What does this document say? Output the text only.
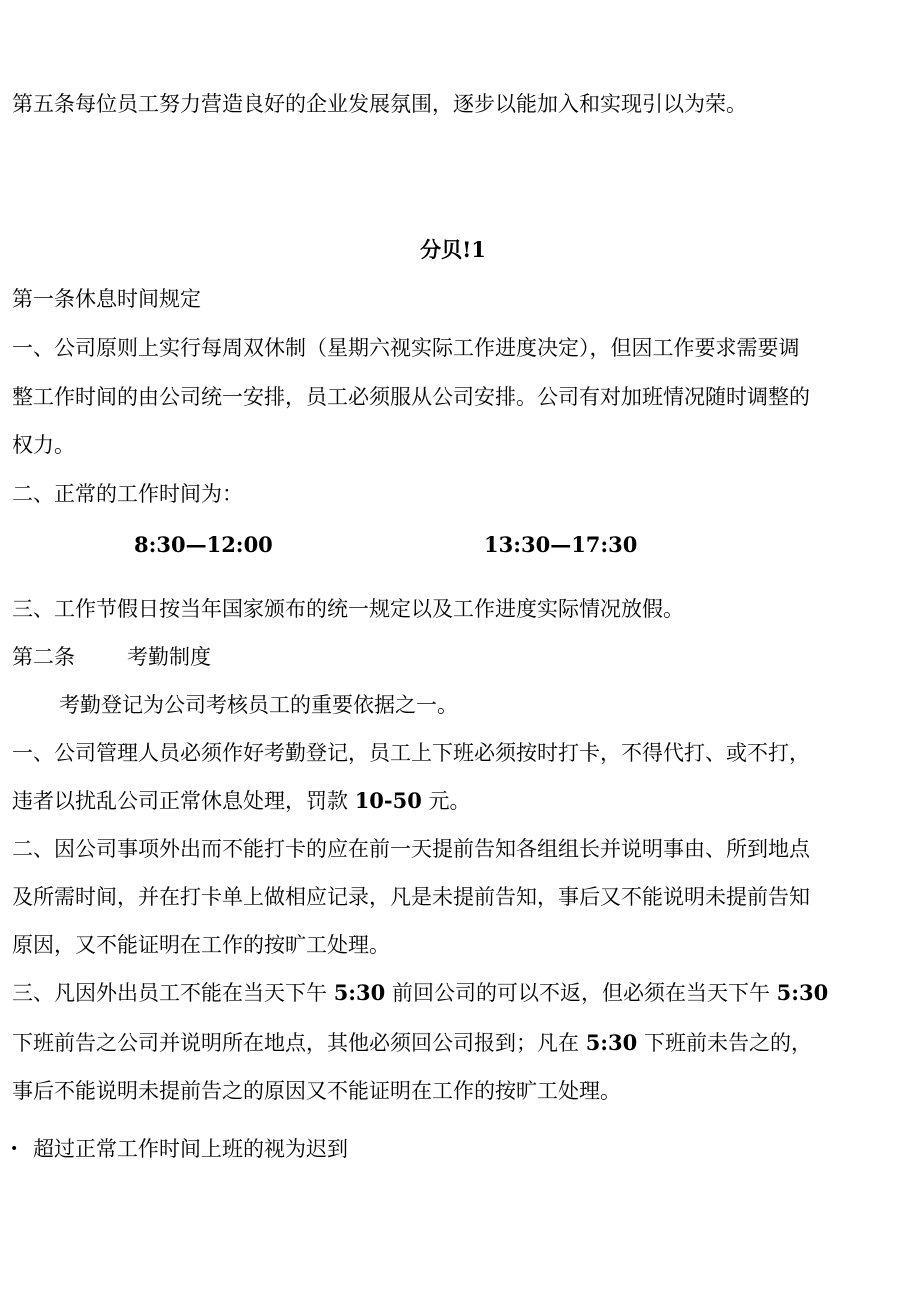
第五条每位员工努力营造良好的企业发展氛围，逐步以能加入和实现引以为荣。

分贝!1

第一条休息时间规定

一、公司原则上实行每周双休制（星期六视实际工作进度决定），但因工作要求需要调

整工作时间的由公司统一安排，员工必须服从公司安排。公司有对加班情况随时调整的

权力。

二、正常的工作时间为：

8:30—12:00	13:30—17:30

三、工作节假日按当年国家颁布的统一规定以及工作进度实际情况放假。

第二条 考勤制度

考勤登记为公司考核员工的重要依据之一。

一、公司管理人员必须作好考勤登记，员工上下班必须按时打卡，不得代打、或不打，

违者以扰乱公司正常休息处理，罚款 10-50 元。

二、因公司事项外出而不能打卡的应在前一天提前告知各组组长并说明事由、所到地点

及所需时间，并在打卡单上做相应记录，凡是未提前告知，事后又不能说明未提前告知

原因，又不能证明在工作的按旷工处理。

三、凡因外出员工不能在当天下午 5:30 前回公司的可以不返，但必须在当天下午 5:30

下班前告之公司并说明所在地点，其他必须回公司报到；凡在 5:30 下班前未告之的，

事后不能说明未提前告之的原因又不能证明在工作的按旷工处理。

• 超过正常工作时间上班的视为迟到
